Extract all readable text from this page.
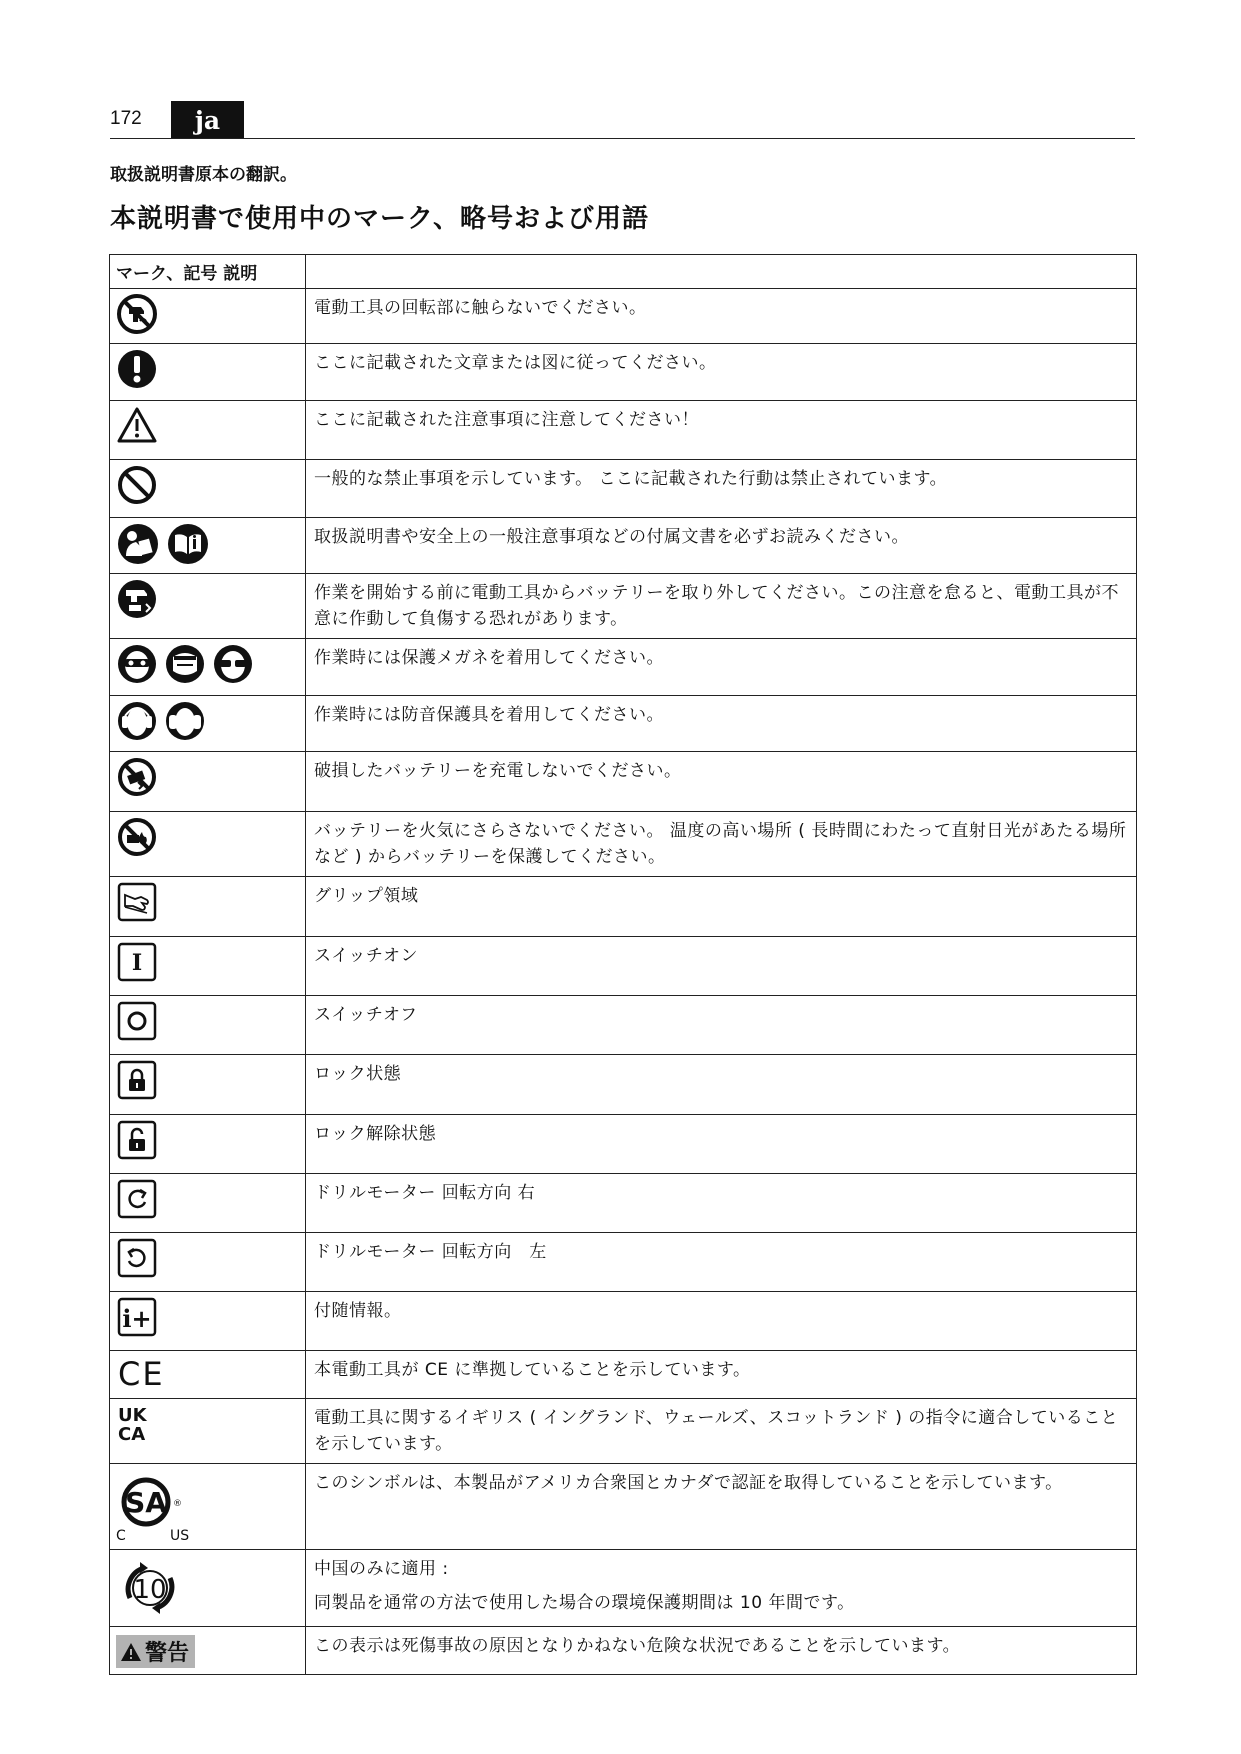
172	ja
取扱説明書原本の翻訳。
本説明書で使用中のマーク、略号および用語
マーク、記号 説明	

	電動工具の回転部に触らないでください。

	ここに記載された文章または図に従ってください。

	ここに記載された注意事項に注意してください！

	一般的な禁止事項を示しています。 ここに記載された行動は禁止されています。

	取扱説明書や安全上の一般注意事項などの付属文書を必ずお読みください。

	作業を開始する前に電動工具からバッテリーを取り外してください。この注意を怠ると、電動工具が不意に作動して負傷する恐れがあります。

	作業時には保護メガネを着用してください。

	作業時には防音保護具を着用してください。

	破損したバッテリーを充電しないでください。

	バッテリーを火気にさらさないでください。 温度の高い場所 ( 長時間にわたって直射日光があたる場所など ) からバッテリーを保護してください。

	グリップ領域

I	スイッチオン

	スイッチオフ

	ロック状態

	ロック解除状態

	ドリルモーター 回転方向 右

	ドリルモーター 回転方向　左

i+	付随情報。

CE	本電動工具が CE に準拠していることを示しています。

UK
CA	電動工具に関するイギリス ( イングランド、ウェールズ、スコットランド ) の指令に適合していることを示しています。

SA ®
C US	このシンボルは、本製品がアメリカ合衆国とカナダで認証を取得していることを示しています。

10	中国のみに適用 :
同製品を通常の方法で使用した場合の環境保護期間は 10 年間です。

警告	この表示は死傷事故の原因となりかねない危険な状況であることを示しています。
